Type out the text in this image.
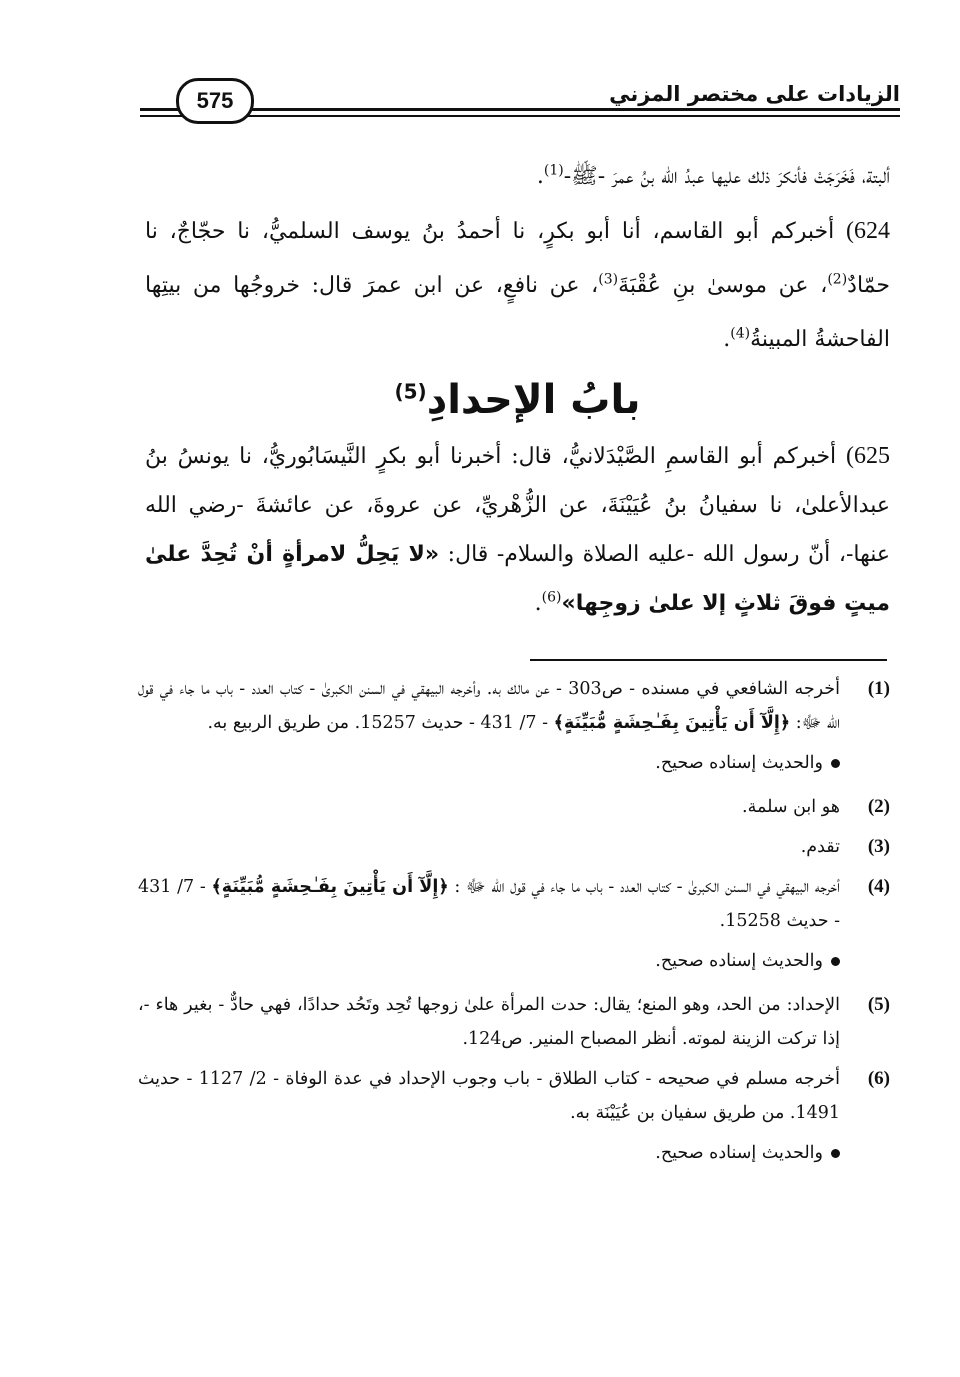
الزيادات على مختصر المزني
575

ألبتة، فَخَرَجَتْ فأنكرَ ذلك عليها عبدُ الله بنُ عمرَ -ﷺ-$^{(1)}$.

624) أخبركم أبو القاسم، أنا أبو بكرٍ، نا أحمدُ بنُ يوسف السلميُّ، نا حجّاجٌ، نا حمّادٌ$^{(2)}$، عن موسىٰ بنِ عُقْبَةَ$^{(3)}$، عن نافعٍ، عن ابن عمرَ قال: خروجُها من بيتِها الفاحشةُ المبينةُ$^{(4)}$.

بابُ الإحدادِ$^{(5)}$
625) أخبركم أبو القاسمِ الصَّيْدَلانيُّ، قال: أخبرنا أبو بكرٍ النَّيسَابُوريُّ، نا يونسُ بنُ عبدالأعلىٰ، نا سفيانُ بنُ عُيَيْنَةَ، عن الزُّهْريِّ، عن عروةَ، عن عائشةَ -رضي الله عنها-، أنّ رسول الله -عليه الصلاة والسلام- قال: «لا يَحِلُّ لامرأةٍ أنْ تُحِدَّ علىٰ ميتٍ فوقَ ثلاثٍ إلا علىٰ زوجِها»$^{(6)}$.
(1)
أخرجه الشافعي في مسنده - ص303 - عن مالك به. وأخرجه البيهقي في السنن الكبرىٰ - كتاب العدد - باب ما جاء في قول الله ﷻ: ﴿إِلَّآ أَن يَأْتِينَ بِفَـٰحِشَةٍ مُّبَيِّنَةٍ﴾ - 7/ 431 - حديث 15257. من طريق الربيع به.
والحديث إسناده صحيح.
(2)
هو ابن سلمة.
(3)
تقدم.
(4)
أخرجه البيهقي في السنن الكبرىٰ - كتاب العدد - باب ما جاء في قول الله ﷻ : ﴿إِلَّآ أَن يَأْتِينَ بِفَـٰحِشَةٍ مُّبَيِّنَةٍ﴾ - 7/ 431 - حديث 15258.
والحديث إسناده صحيح.
(5)
الإحداد: من الحد، وهو المنع؛ يقال: حدت المرأة علىٰ زوجها تُحِد وتَحُد حدادًا، فهي حادٌّ - بغير هاء -، إذا تركت الزينة لموته. أنظر المصباح المنير. ص124.
(6)
أخرجه مسلم في صحيحه - كتاب الطلاق - باب وجوب الإحداد في عدة الوفاة - 2/ 1127 - حديث 1491. من طريق سفيان بن عُيَيْنَة به.
والحديث إسناده صحيح.
